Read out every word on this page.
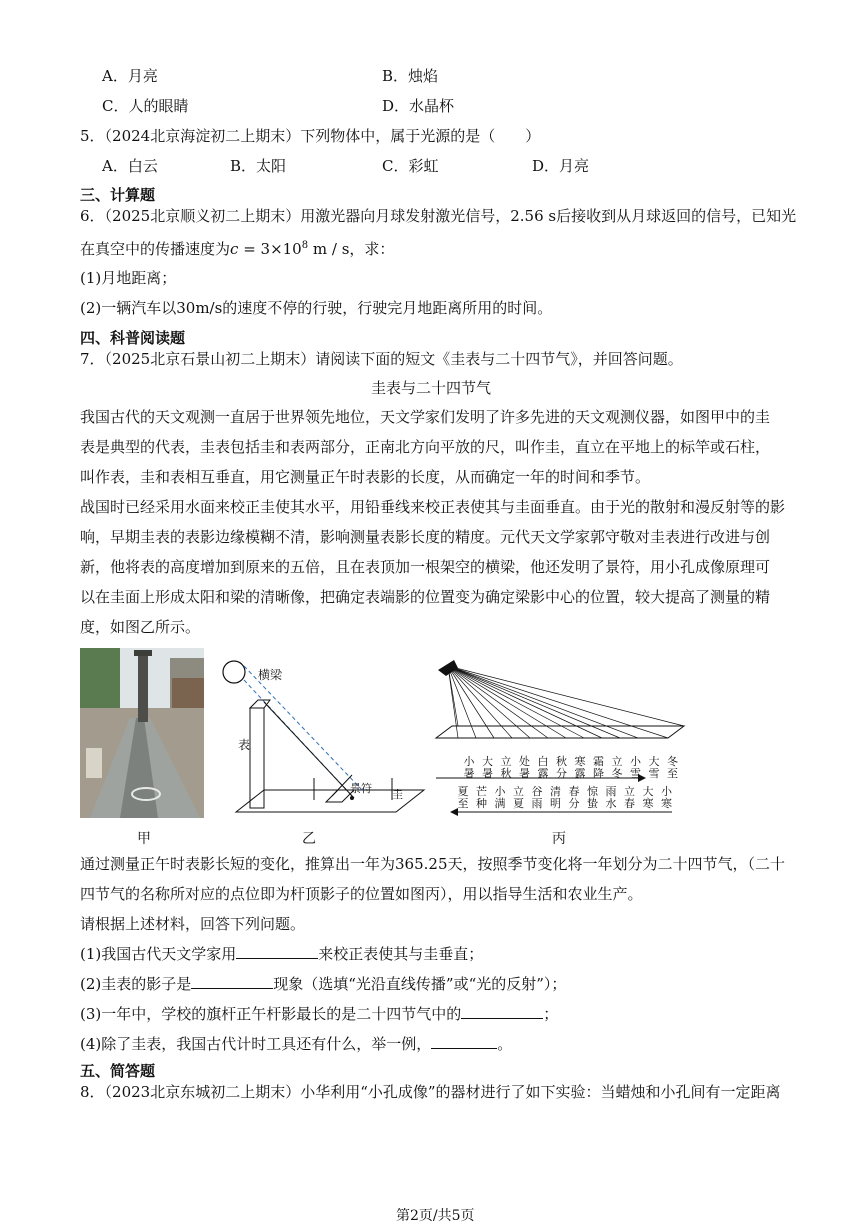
A．月亮	B．烛焰
C．人的眼睛	D．水晶杯
5．（2024北京海淀初二上期末）下列物体中，属于光源的是（　　）
A．白云	B．太阳	C．彩虹	D．月亮
三、计算题
6．（2025北京顺义初二上期末）用激光器向月球发射激光信号，2.56 s后接收到从月球返回的信号，已知光
在真空中的传播速度为$c = 3\times 10^8$ m / s，求：
(1)月地距离；
(2)一辆汽车以30m/s的速度不停的行驶，行驶完月地距离所用的时间。
四、科普阅读题
7．（2025北京石景山初二上期末）请阅读下面的短文《圭表与二十四节气》，并回答问题。
圭表与二十四节气
我国古代的天文观测一直居于世界领先地位，天文学家们发明了许多先进的天文观测仪器，如图甲中的圭
表是典型的代表，圭表包括圭和表两部分，正南北方向平放的尺，叫作圭，直立在平地上的标竿或石柱，
叫作表，圭和表相互垂直，用它测量正午时表影的长度，从而确定一年的时间和季节。
战国时已经采用水面来校正圭使其水平，用铅垂线来校正表使其与圭面垂直。由于光的散射和漫反射等的影
响，早期圭表的表影边缘模糊不清，影响测量表影长度的精度。元代天文学家郭守敬对圭表进行改进与创
新，他将表的高度增加到原来的五倍，且在表顶加一根架空的横梁，他还发明了景符，用小孔成像原理可
以在圭面上形成太阳和梁的清晰像，把确定表端影的位置变为确定梁影中心的位置，较大提高了测量的精
度，如图乙所示。
甲
横梁
表
景符 圭
乙
小
暑
大
暑
立
秋
处
暑
白
露
秋
分
寒
露
霜
降
立
冬
小
雪
大
雪
冬
至
夏
至
芒
种
小
满
立
夏
谷
雨
清
明
春
分
惊
蛰
雨
水
立
春
大
寒
小
寒
丙
通过测量正午时表影长短的变化，推算出一年为365.25天，按照季节变化将一年划分为二十四节气，（二十
四节气的名称所对应的点位即为杆顶影子的位置如图丙），用以指导生活和农业生产。
请根据上述材料，回答下列问题。
(1)我国古代天文学家用	来校正表使其与圭垂直；
(2)圭表的影子是	现象（选填“光沿直线传播”或“光的反射”）；
(3)一年中，学校的旗杆正午杆影最长的是二十四节气中的	；
(4)除了圭表，我国古代计时工具还有什么，举一例，	。
五、简答题
8．（2023北京东城初二上期末）小华利用“小孔成像”的器材进行了如下实验：当蜡烛和小孔间有一定距离
第2页/共5页
